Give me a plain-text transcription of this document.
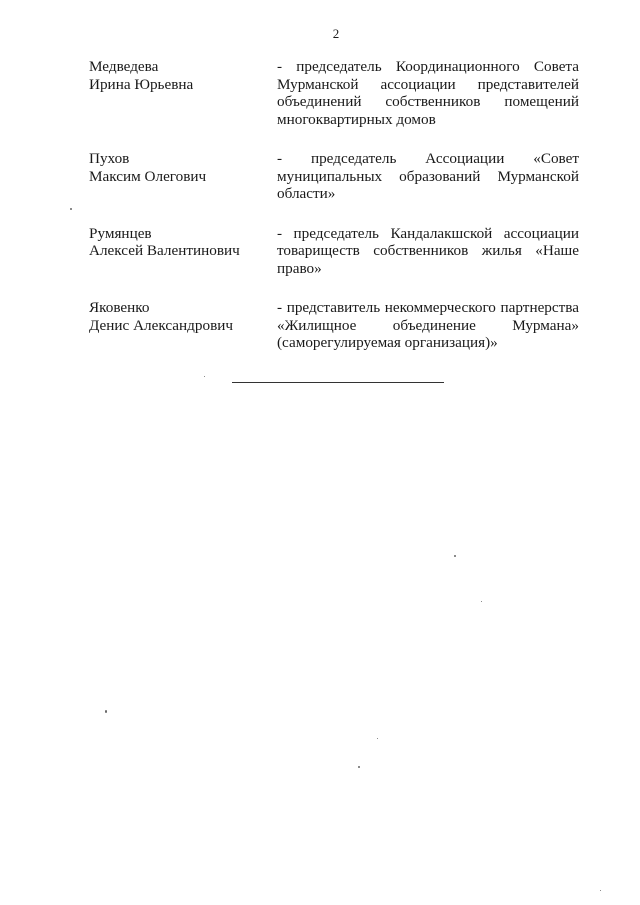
2
Медведева
Ирина Юрьевна
- председатель Координационного Совета Мурманской ассоциации представителей объединений собственников помещений многоквартирных домов
Пухов
Максим Олегович
- председатель Ассоциации «Совет муниципальных образований Мурманской области»
Румянцев
Алексей Валентинович
- председатель Кандалакшской ассоциации товариществ собственников жилья «Наше право»
Яковенко
Денис Александрович
- представитель некоммерческого партнерства «Жилищное объединение Мурмана» (саморегулируемая организация)»
